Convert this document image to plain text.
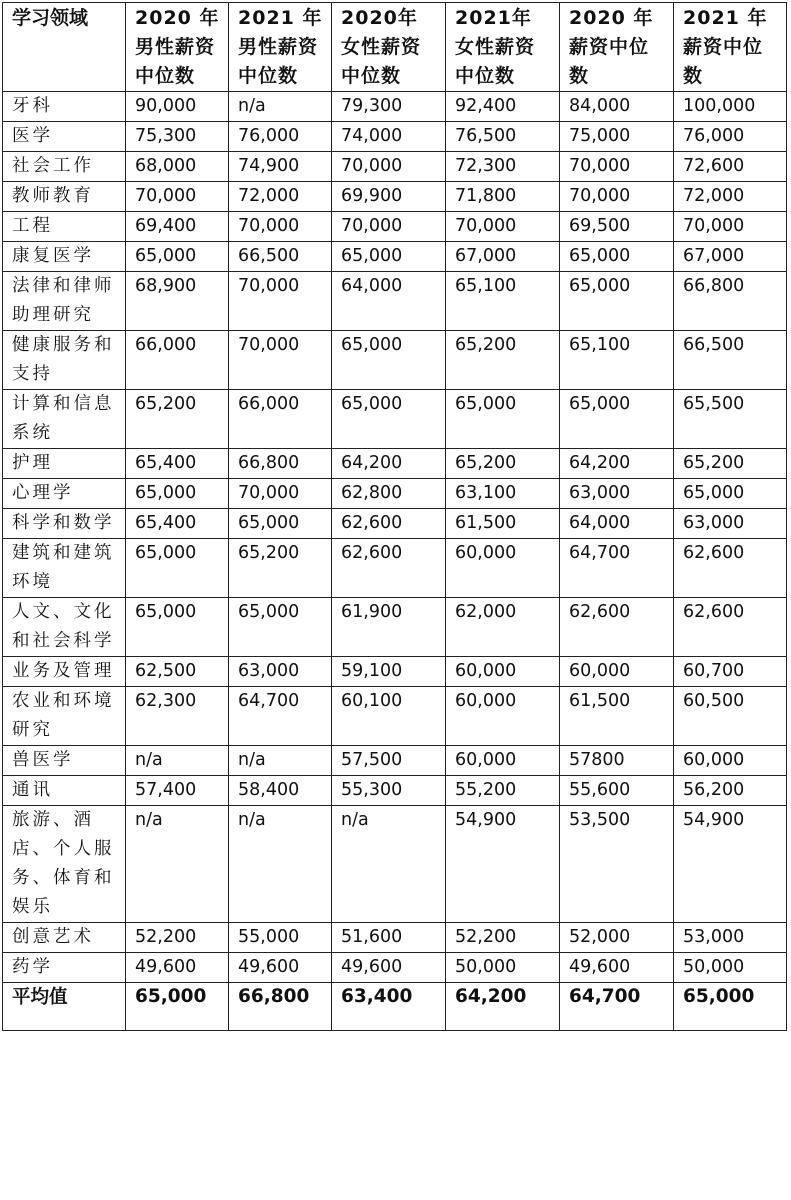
学习领域	2020 年男性薪资中位数	2021 年男性薪资中位数	2020年女性薪资中位数	2021年女性薪资中位数	2020 年薪资中位数	2021 年薪资中位数
牙科	90,000	n/a	79,300	92,400	84,000	100,000
医学	75,300	76,000	74,000	76,500	75,000	76,000
社会工作	68,000	74,900	70,000	72,300	70,000	72,600
教师教育	70,000	72,000	69,900	71,800	70,000	72,000
工程	69,400	70,000	70,000	70,000	69,500	70,000
康复医学	65,000	66,500	65,000	67,000	65,000	67,000
法律和律师助理研究	68,900	70,000	64,000	65,100	65,000	66,800
健康服务和支持	66,000	70,000	65,000	65,200	65,100	66,500
计算和信息系统	65,200	66,000	65,000	65,000	65,000	65,500
护理	65,400	66,800	64,200	65,200	64,200	65,200
心理学	65,000	70,000	62,800	63,100	63,000	65,000
科学和数学	65,400	65,000	62,600	61,500	64,000	63,000
建筑和建筑环境	65,000	65,200	62,600	60,000	64,700	62,600
人文、文化和社会科学	65,000	65,000	61,900	62,000	62,600	62,600
业务及管理	62,500	63,000	59,100	60,000	60,000	60,700
农业和环境研究	62,300	64,700	60,100	60,000	61,500	60,500
兽医学	n/a	n/a	57,500	60,000	57800	60,000
通讯	57,400	58,400	55,300	55,200	55,600	56,200
旅游、酒店、个人服务、体育和娱乐	n/a	n/a	n/a	54,900	53,500	54,900
创意艺术	52,200	55,000	51,600	52,200	52,000	53,000
药学	49,600	49,600	49,600	50,000	49,600	50,000
平均值	65,000	66,800	63,400	64,200	64,700	65,000
